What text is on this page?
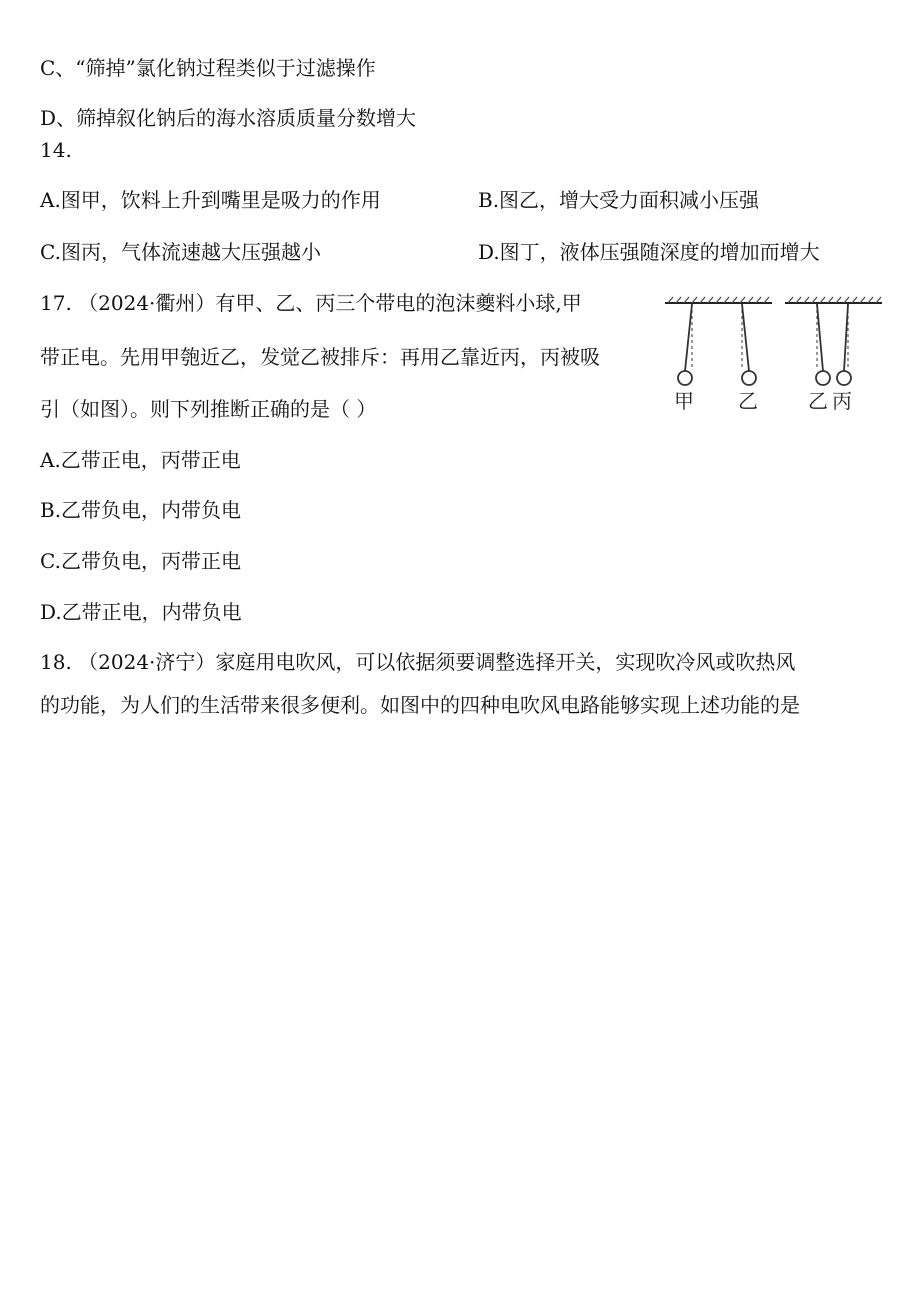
C、“筛掉”氯化钠过程类似于过滤操作
D、筛掉叙化钠后的海水溶质质量分数增大
14.
A.图甲，饮料上升到嘴里是吸力的作用	B.图乙，增大受力面积减小压强
C.图丙，气体流速越大压强越小	D.图丁，液体压强随深度的增加而增大
17. （2024·衢州）有甲、乙、丙三个带电的泡沫夔料小球,甲
带正电。先用甲匏近乙，发觉乙被排斥：再用乙靠近丙，丙被吸
引（如图）。则下列推断正确的是（ ）
A.乙带正电，丙带正电
B.乙带负电，内带负电
C.乙带负电，丙带正电
D.乙带正电，内带负电
18. （2024·济宁）家庭用电吹风，可以依据须要调整选择开关，实现吹冷风或吹热风
的功能，为人们的生活带来很多便利。如图中的四种电吹风电路能够实现上述功能的是
甲 乙	乙 丙
